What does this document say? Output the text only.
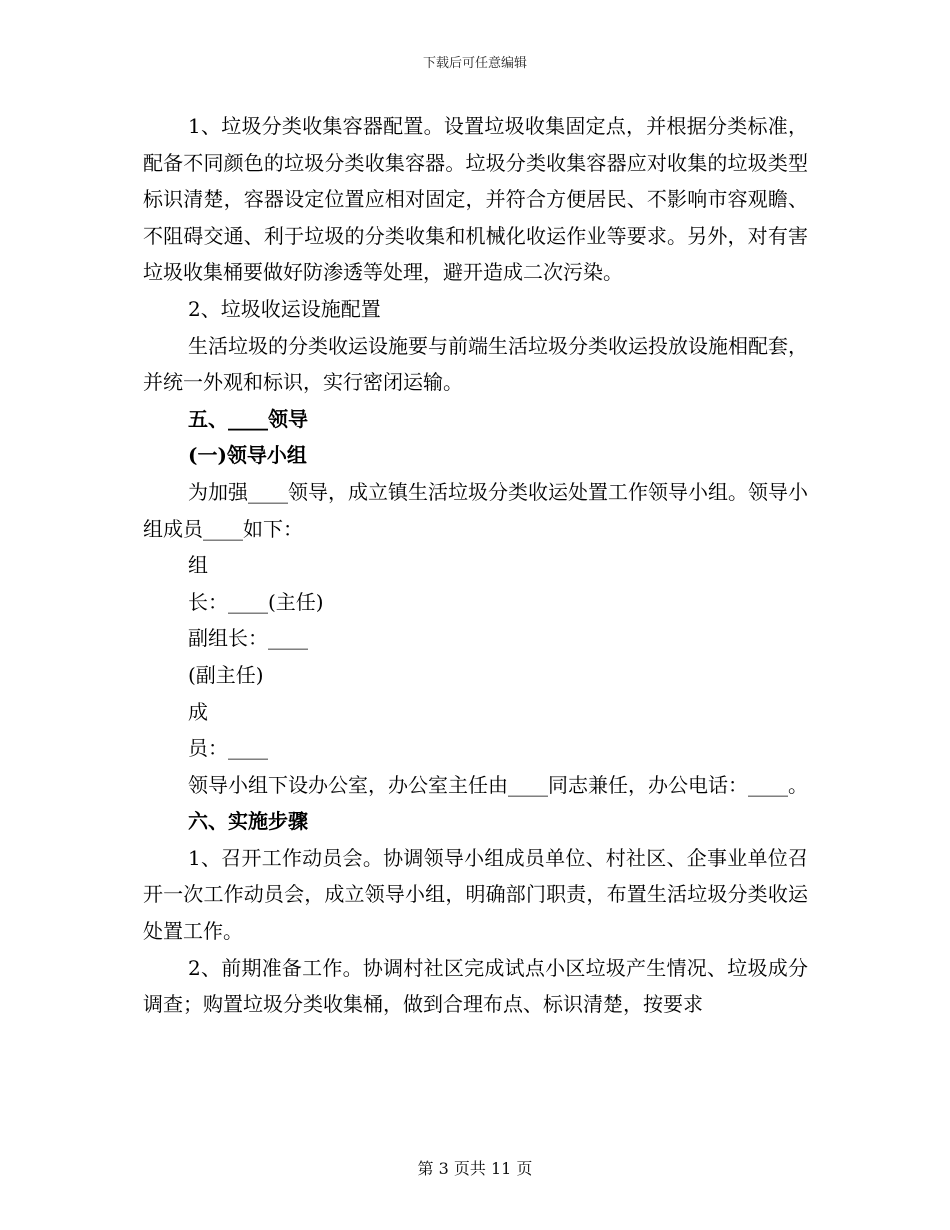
下载后可任意编辑

1、垃圾分类收集容器配置。设置垃圾收集固定点，并根据分类标准，配备不同颜色的垃圾分类收集容器。垃圾分类收集容器应对收集的垃圾类型标识清楚，容器设定位置应相对固定，并符合方便居民、不影响市容观瞻、不阻碍交通、利于垃圾的分类收集和机械化收运作业等要求。另外，对有害垃圾收集桶要做好防渗透等处理，避开造成二次污染。

2、垃圾收运设施配置

生活垃圾的分类收运设施要与前端生活垃圾分类收运投放设施相配套，并统一外观和标识，实行密闭运输。

五、____领导

(一)领导小组

为加强____领导，成立镇生活垃圾分类收运处置工作领导小组。领导小组成员____如下：

组

长：____(主任)

副组长：____

(副主任)

成

员：____

领导小组下设办公室，办公室主任由____同志兼任，办公电话：____。

六、实施步骤

1、召开工作动员会。协调领导小组成员单位、村社区、企事业单位召开一次工作动员会，成立领导小组，明确部门职责，布置生活垃圾分类收运处置工作。

2、前期准备工作。协调村社区完成试点小区垃圾产生情况、垃圾成分调查；购置垃圾分类收集桶，做到合理布点、标识清楚，按要求

第 3 页共 11 页
